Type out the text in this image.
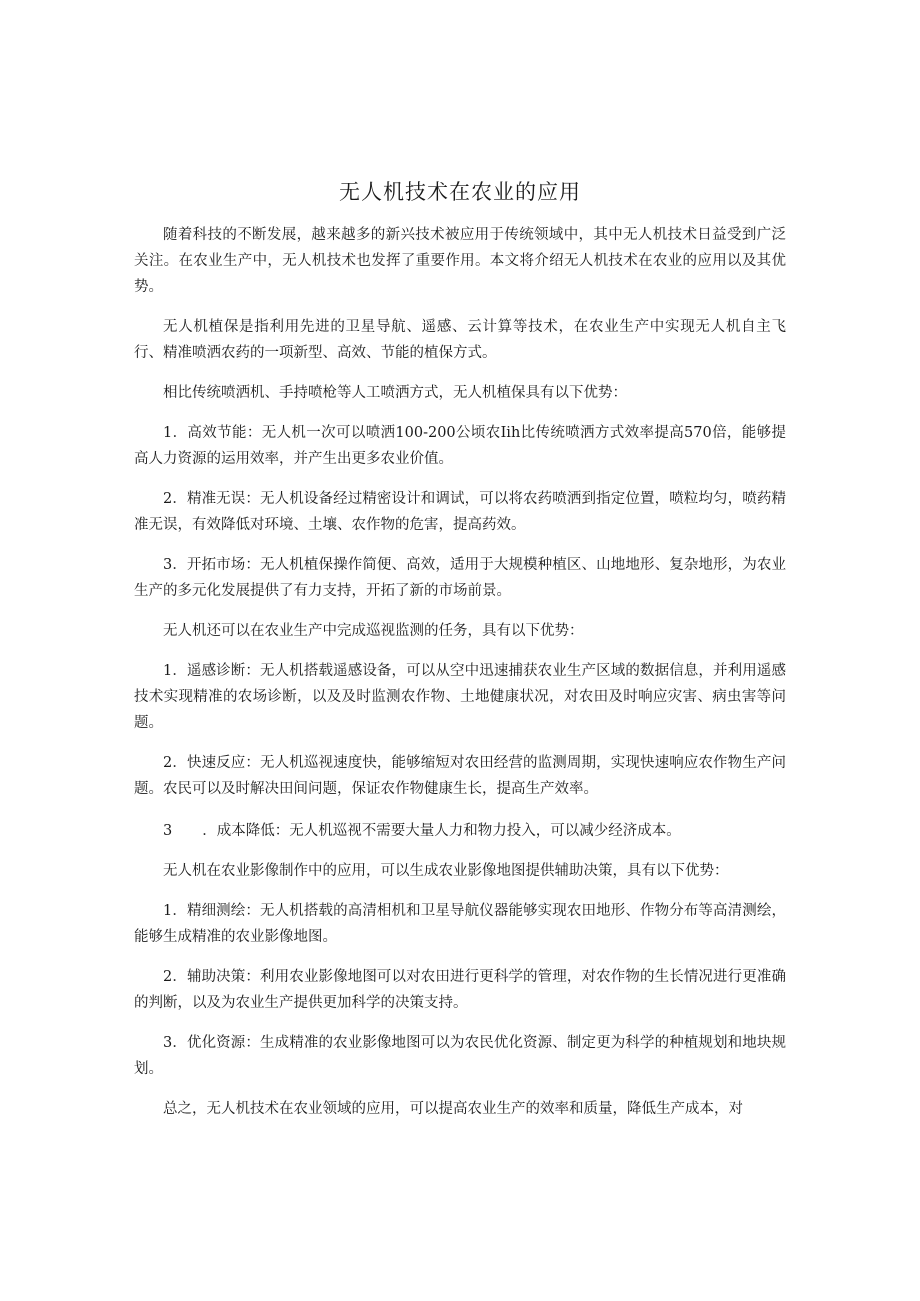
无人机技术在农业的应用

随着科技的不断发展，越来越多的新兴技术被应用于传统领域中，其中无人机技术日益受到广泛关注。在农业生产中，无人机技术也发挥了重要作用。本文将介绍无人机技术在农业的应用以及其优势。

无人机植保是指利用先进的卫星导航、遥感、云计算等技术，在农业生产中实现无人机自主飞行、精准喷洒农药的一项新型、高效、节能的植保方式。

相比传统喷洒机、手持喷枪等人工喷洒方式，无人机植保具有以下优势：

1．高效节能：无人机一次可以喷洒100-200公顷农Iih比传统喷洒方式效率提高570倍，能够提高人力资源的运用效率，并产生出更多农业价值。

2．精准无误：无人机设备经过精密设计和调试，可以将农药喷洒到指定位置，喷粒均匀，喷药精准无误，有效降低对环境、土壤、农作物的危害，提高药效。

3．开拓市场：无人机植保操作简便、高效，适用于大规模种植区、山地地形、复杂地形，为农业生产的多元化发展提供了有力支持，开拓了新的市场前景。

无人机还可以在农业生产中完成巡视监测的任务，具有以下优势：

1．遥感诊断：无人机搭载遥感设备，可以从空中迅速捕获农业生产区域的数据信息，并利用遥感技术实现精准的农场诊断，以及及时监测农作物、土地健康状况，对农田及时响应灾害、病虫害等问题。

2．快速反应：无人机巡视速度快，能够缩短对农田经营的监测周期，实现快速响应农作物生产问题。农民可以及时解决田间问题，保证农作物健康生长，提高生产效率。

3 ．成本降低：无人机巡视不需要大量人力和物力投入，可以减少经济成本。

无人机在农业影像制作中的应用，可以生成农业影像地图提供辅助决策，具有以下优势：

1．精细测绘：无人机搭载的高清相机和卫星导航仪器能够实现农田地形、作物分布等高清测绘，能够生成精准的农业影像地图。

2．辅助决策：利用农业影像地图可以对农田进行更科学的管理，对农作物的生长情况进行更准确的判断，以及为农业生产提供更加科学的决策支持。

3．优化资源：生成精准的农业影像地图可以为农民优化资源、制定更为科学的种植规划和地块规划。

总之，无人机技术在农业领域的应用，可以提高农业生产的效率和质量，降低生产成本，对
